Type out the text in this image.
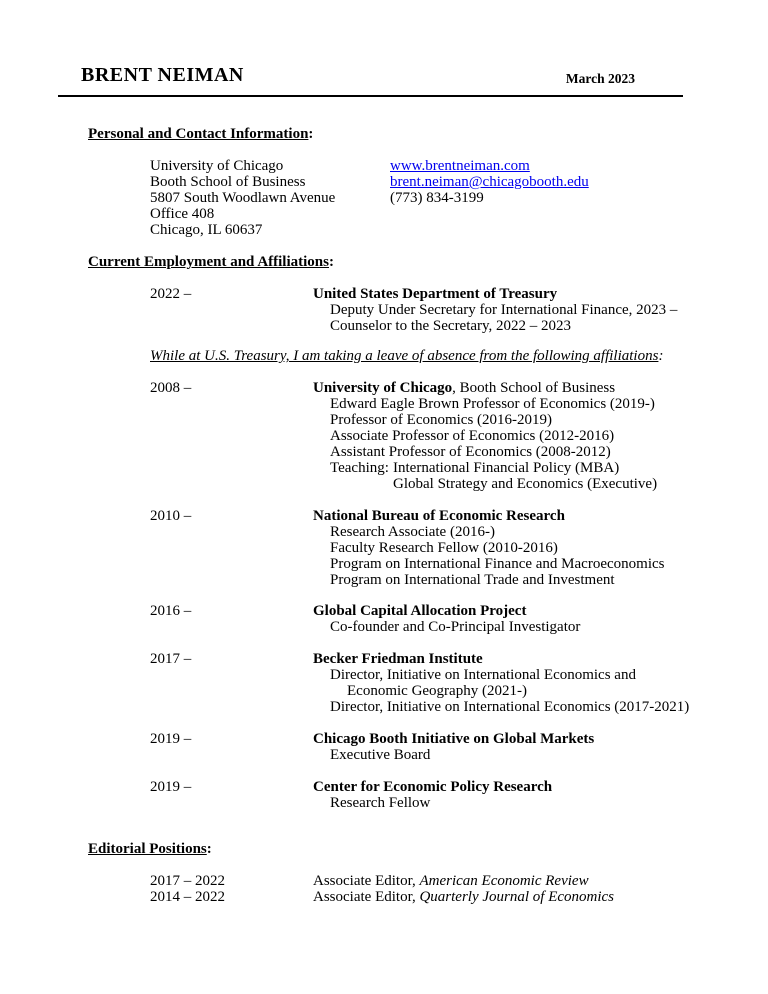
BRENT NEIMAN	March 2023
Personal and Contact Information:
University of Chicago
Booth School of Business
5807 South Woodlawn Avenue
Office 408
Chicago, IL 60637
www.brentneiman.com
brent.neiman@chicagobooth.edu
(773) 834-3199
Current Employment and Affiliations:
2022 –	United States Department of Treasury
Deputy Under Secretary for International Finance, 2023 –
Counselor to the Secretary, 2022 – 2023
While at U.S. Treasury, I am taking a leave of absence from the following affiliations:
2008 –	University of Chicago, Booth School of Business
Edward Eagle Brown Professor of Economics (2019-)
Professor of Economics (2016-2019)
Associate Professor of Economics (2012-2016)
Assistant Professor of Economics (2008-2012)
Teaching: International Financial Policy (MBA)
Global Strategy and Economics (Executive)
2010 –	National Bureau of Economic Research
Research Associate (2016-)
Faculty Research Fellow (2010-2016)
Program on International Finance and Macroeconomics
Program on International Trade and Investment
2016 –	Global Capital Allocation Project
Co-founder and Co-Principal Investigator
2017 –	Becker Friedman Institute
Director, Initiative on International Economics and
Economic Geography (2021-)
Director, Initiative on International Economics (2017-2021)
2019 –	Chicago Booth Initiative on Global Markets
Executive Board
2019 –	Center for Economic Policy Research
Research Fellow
Editorial Positions:
2017 – 2022	Associate Editor, American Economic Review
2014 – 2022	Associate Editor, Quarterly Journal of Economics
